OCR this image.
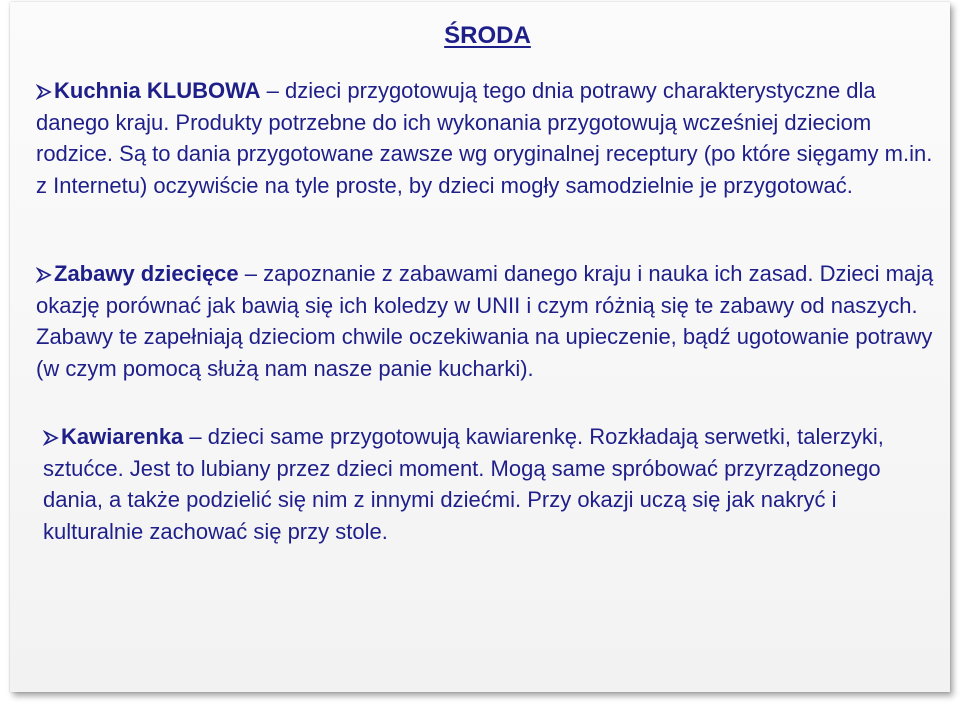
ŚRODA

Kuchnia KLUBOWA – dzieci przygotowują tego dnia potrawy charakterystyczne dla danego kraju. Produkty potrzebne do ich wykonania przygotowują wcześniej dzieciom rodzice. Są to dania przygotowane zawsze wg oryginalnej receptury (po które sięgamy m.in. z Internetu) oczywiście na tyle proste, by dzieci mogły samodzielnie je przygotować.

Zabawy dziecięce – zapoznanie z zabawami danego kraju i nauka ich zasad. Dzieci mają okazję porównać jak bawią się ich koledzy w UNII i czym różnią się te zabawy od naszych. Zabawy te zapełniają dzieciom chwile oczekiwania na upieczenie, bądź ugotowanie potrawy (w czym pomocą służą nam nasze panie kucharki).

Kawiarenka – dzieci same przygotowują kawiarenkę. Rozkładają serwetki, talerzyki, sztućce. Jest to lubiany przez dzieci moment. Mogą same spróbować przyrządzonego dania, a także podzielić się nim z innymi dziećmi. Przy okazji uczą się jak nakryć i kulturalnie zachować się przy stole.
